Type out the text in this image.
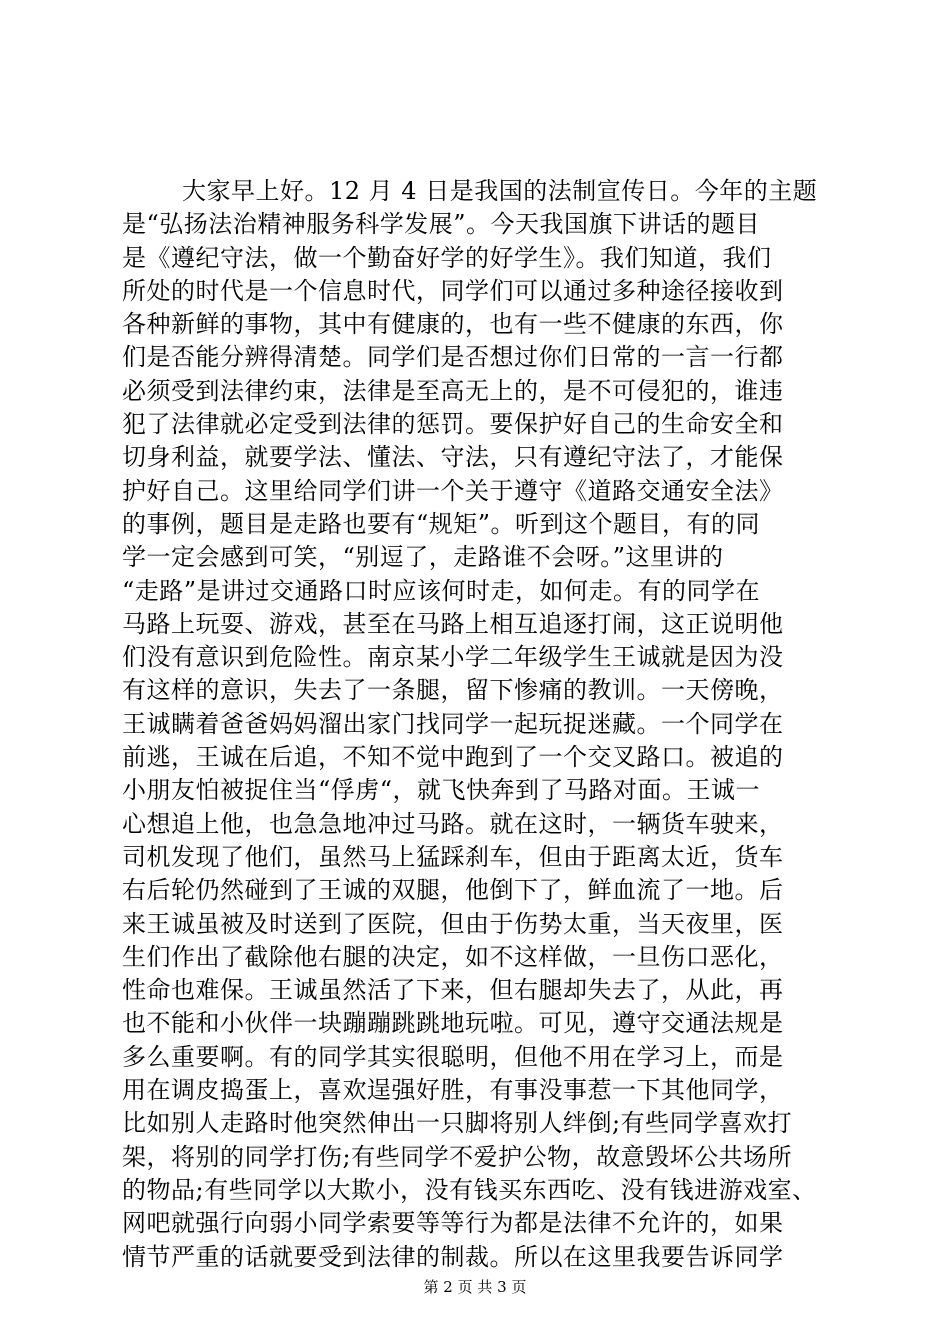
大家早上好。12 月 4 日是我国的法制宣传日。今年的主题
是“弘扬法治精神服务科学发展”。今天我国旗下讲话的题目
是《遵纪守法，做一个勤奋好学的好学生》。我们知道，我们
所处的时代是一个信息时代，同学们可以通过多种途径接收到
各种新鲜的事物，其中有健康的，也有一些不健康的东西，你
们是否能分辨得清楚。同学们是否想过你们日常的一言一行都
必须受到法律约束，法律是至高无上的，是不可侵犯的，谁违
犯了法律就必定受到法律的惩罚。要保护好自己的生命安全和
切身利益，就要学法、懂法、守法，只有遵纪守法了，才能保
护好自己。这里给同学们讲一个关于遵守《道路交通安全法》
的事例，题目是走路也要有“规矩”。听到这个题目，有的同
学一定会感到可笑，“别逗了，走路谁不会呀。”这里讲的
“走路”是讲过交通路口时应该何时走，如何走。有的同学在
马路上玩耍、游戏，甚至在马路上相互追逐打闹，这正说明他
们没有意识到危险性。南京某小学二年级学生王诚就是因为没
有这样的意识，失去了一条腿，留下惨痛的教训。一天傍晚，
王诚瞒着爸爸妈妈溜出家门找同学一起玩捉迷藏。一个同学在
前逃，王诚在后追，不知不觉中跑到了一个交叉路口。被追的
小朋友怕被捉住当“俘虏“，就飞快奔到了马路对面。王诚一
心想追上他，也急急地冲过马路。就在这时，一辆货车驶来，
司机发现了他们，虽然马上猛踩刹车，但由于距离太近，货车
右后轮仍然碰到了王诚的双腿，他倒下了，鲜血流了一地。后
来王诚虽被及时送到了医院，但由于伤势太重，当天夜里，医
生们作出了截除他右腿的决定，如不这样做，一旦伤口恶化，
性命也难保。王诚虽然活了下来，但右腿却失去了，从此，再
也不能和小伙伴一块蹦蹦跳跳地玩啦。可见，遵守交通法规是
多么重要啊。有的同学其实很聪明，但他不用在学习上，而是
用在调皮捣蛋上，喜欢逞强好胜，有事没事惹一下其他同学，
比如别人走路时他突然伸出一只脚将别人绊倒;有些同学喜欢打
架，将别的同学打伤;有些同学不爱护公物，故意毁坏公共场所
的物品;有些同学以大欺小，没有钱买东西吃、没有钱进游戏室、
网吧就强行向弱小同学索要等等行为都是法律不允许的，如果
情节严重的话就要受到法律的制裁。所以在这里我要告诉同学
第 2 页 共 3 页
